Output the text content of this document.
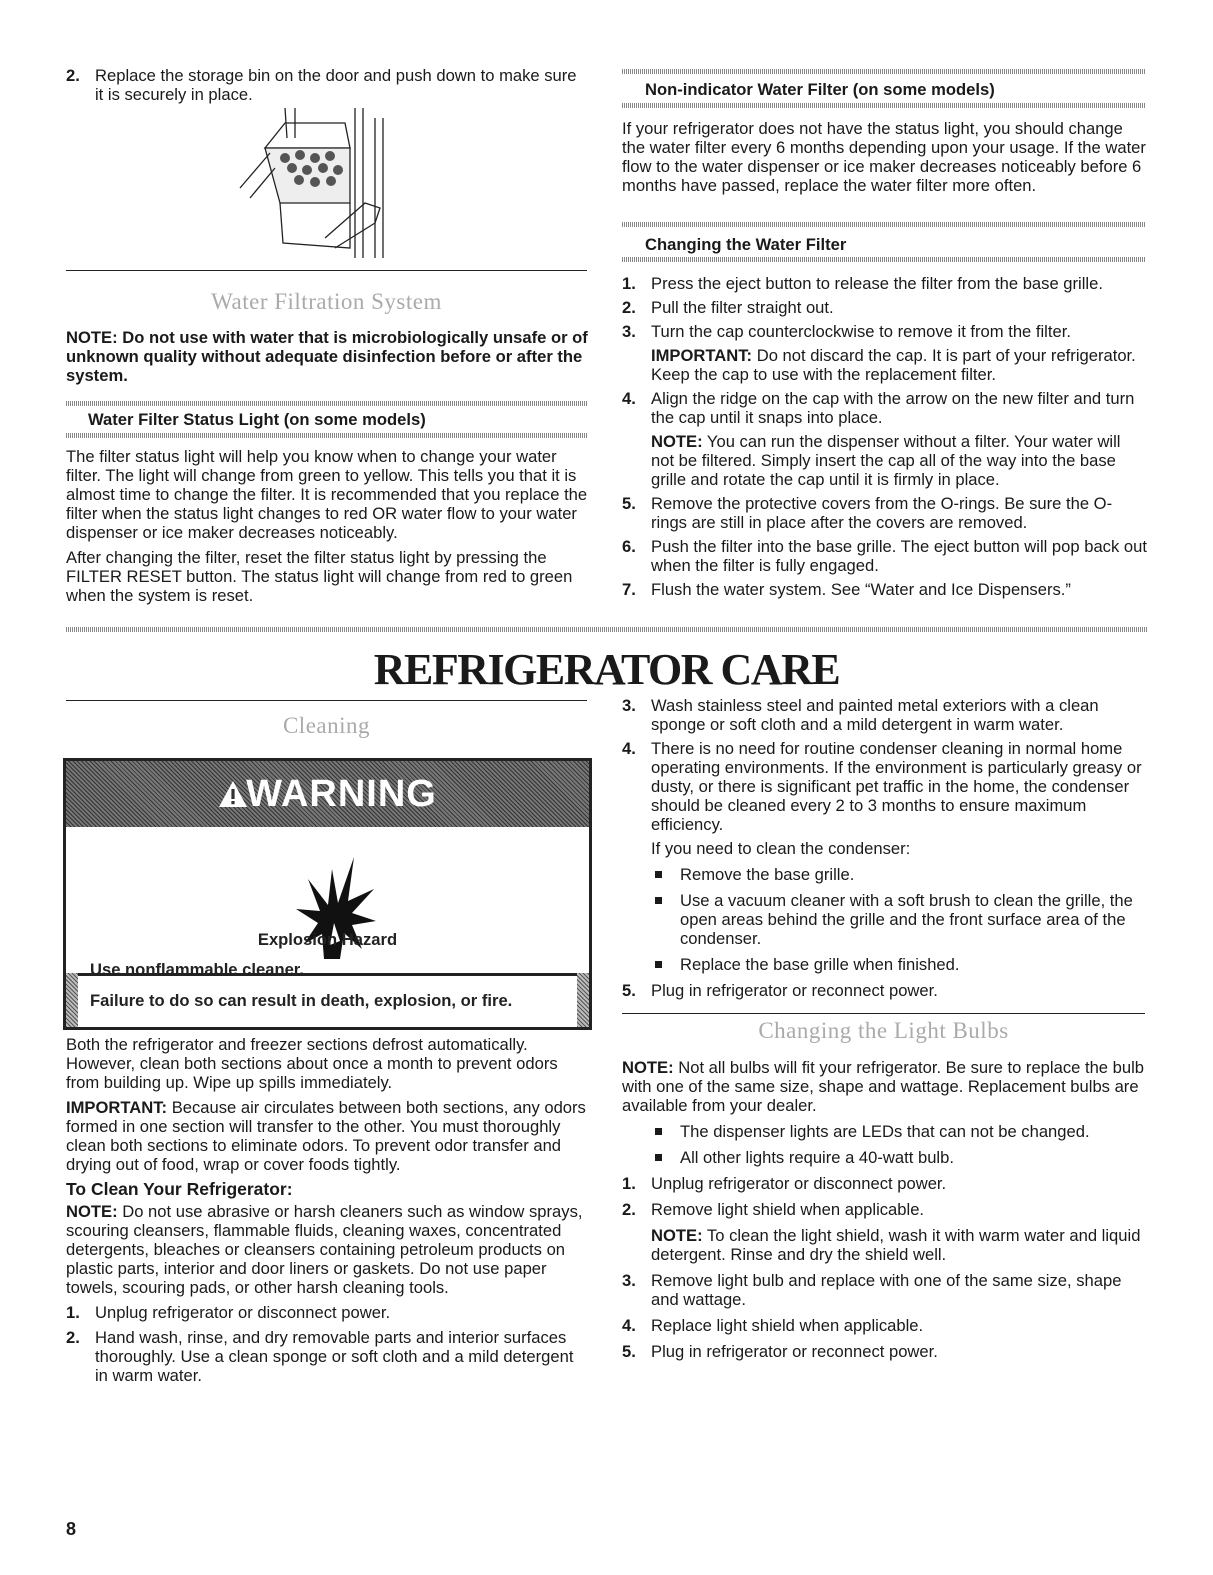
2. Replace the storage bin on the door and push down to make sure it is securely in place.
Water Filtration System

NOTE: Do not use with water that is microbiologically unsafe or of unknown quality without adequate disinfection before or after the system.

Water Filter Status Light (on some models)

The filter status light will help you know when to change your water filter. The light will change from green to yellow. This tells you that it is almost time to change the filter. It is recommended that you replace the filter when the status light changes to red OR water flow to your water dispenser or ice maker decreases noticeably.

After changing the filter, reset the filter status light by pressing the FILTER RESET button. The status light will change from red to green when the system is reset.

Non-indicator Water Filter (on some models)

If your refrigerator does not have the status light, you should change the water filter every 6 months depending upon your usage. If the water flow to the water dispenser or ice maker decreases noticeably before 6 months have passed, replace the water filter more often.

Changing the Water Filter
1. Press the eject button to release the filter from the base grille.
2. Pull the filter straight out.
3. Turn the cap counterclockwise to remove it from the filter.

IMPORTANT: Do not discard the cap. It is part of your refrigerator. Keep the cap to use with the replacement filter.

4. Align the ridge on the cap with the arrow on the new filter and turn the cap until it snaps into place.

NOTE: You can run the dispenser without a filter. Your water will not be filtered. Simply insert the cap all of the way into the base grille and rotate the cap until it is firmly in place.

5. Remove the protective covers from the O-rings. Be sure the O-rings are still in place after the covers are removed.
6. Push the filter into the base grille. The eject button will pop back out when the filter is fully engaged.
7. Flush the water system. See “Water and Ice Dispensers.”
REFRIGERATOR CARE
Cleaning
WARNING
Explosion Hazard
Use nonflammable cleaner.
Failure to do so can result in death, explosion, or fire.

Both the refrigerator and freezer sections defrost automatically. However, clean both sections about once a month to prevent odors from building up. Wipe up spills immediately.

IMPORTANT: Because air circulates between both sections, any odors formed in one section will transfer to the other. You must thoroughly clean both sections to eliminate odors. To prevent odor transfer and drying out of food, wrap or cover foods tightly.

To Clean Your Refrigerator:

NOTE: Do not use abrasive or harsh cleaners such as window sprays, scouring cleansers, flammable fluids, cleaning waxes, concentrated detergents, bleaches or cleansers containing petroleum products on plastic parts, interior and door liners or gaskets. Do not use paper towels, scouring pads, or other harsh cleaning tools.

1. Unplug refrigerator or disconnect power.
2. Hand wash, rinse, and dry removable parts and interior surfaces thoroughly. Use a clean sponge or soft cloth and a mild detergent in warm water.
3. Wash stainless steel and painted metal exteriors with a clean sponge or soft cloth and a mild detergent in warm water.
4. There is no need for routine condenser cleaning in normal home operating environments. If the environment is particularly greasy or dusty, or there is significant pet traffic in the home, the condenser should be cleaned every 2 to 3 months to ensure maximum efficiency.

If you need to clean the condenser:

Remove the base grille.
Use a vacuum cleaner with a soft brush to clean the grille, the open areas behind the grille and the front surface area of the condenser.
Replace the base grille when finished.
5. Plug in refrigerator or reconnect power.
Changing the Light Bulbs

NOTE: Not all bulbs will fit your refrigerator. Be sure to replace the bulb with one of the same size, shape and wattage. Replacement bulbs are available from your dealer.

The dispenser lights are LEDs that can not be changed.
All other lights require a 40-watt bulb.
1. Unplug refrigerator or disconnect power.
2. Remove light shield when applicable.

NOTE: To clean the light shield, wash it with warm water and liquid detergent. Rinse and dry the shield well.

3. Remove light bulb and replace with one of the same size, shape and wattage.
4. Replace light shield when applicable.
5. Plug in refrigerator or reconnect power.
8
